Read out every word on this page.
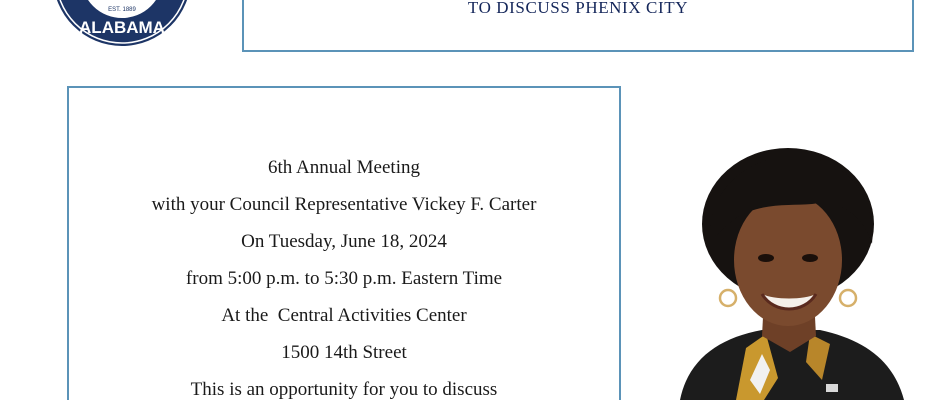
ALABAMA
EST. 1889	TO DISCUSS PHENIX CITY
6th Annual Meeting
with your Council Representative Vickey F. Carter
On Tuesday, June 18, 2024
from 5:00 p.m. to 5:30 p.m. Eastern Time
At the  Central Activities Center
1500 14th Street
This is an opportunity for you to discuss
